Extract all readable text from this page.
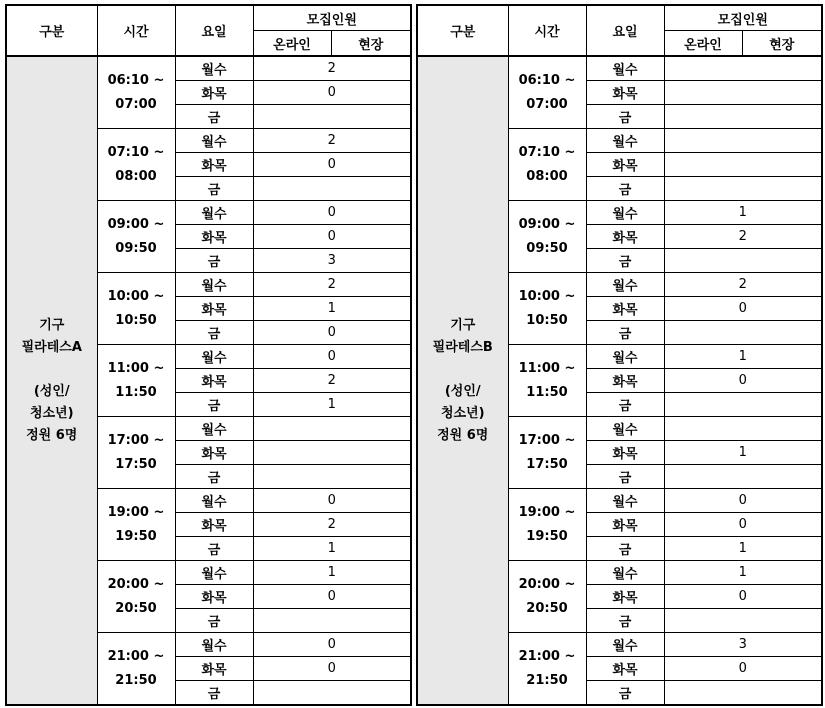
구분	시간	요일	모집인원	
			온라인	현장

기구
필라테스A

(성인/
청소년)
정원 6명	06:10 ~
07:00	월수	2	
		화목	0	
		금		

	07:10 ~
08:00	월수	2	
		화목	0	
		금		

	09:00 ~
09:50	월수	0	
		화목	0	
		금	3	

	10:00 ~
10:50	월수	2	
		화목	1	
		금	0	

	11:00 ~
11:50	월수	0	
		화목	2	
		금	1	

	17:00 ~
17:50	월수		
		화목		
		금		

	19:00 ~
19:50	월수	0	
		화목	2	
		금	1	

	20:00 ~
20:50	월수	1	
		화목	0	
		금		

	21:00 ~
21:50	월수	0	
		화목	0	
		금		
구분	시간	요일	모집인원	
			온라인	현장

기구
필라테스B

(성인/
청소년)
정원 6명	06:10 ~
07:00	월수		
		화목		
		금		

	07:10 ~
08:00	월수		
		화목		
		금		

	09:00 ~
09:50	월수	1	
		화목	2	
		금		

	10:00 ~
10:50	월수	2	
		화목	0	
		금		

	11:00 ~
11:50	월수	1	
		화목	0	
		금		

	17:00 ~
17:50	월수		
		화목	1	
		금		

	19:00 ~
19:50	월수	0	
		화목	0	
		금	1	

	20:00 ~
20:50	월수	1	
		화목	0	
		금		

	21:00 ~
21:50	월수	3	
		화목	0	
		금		
